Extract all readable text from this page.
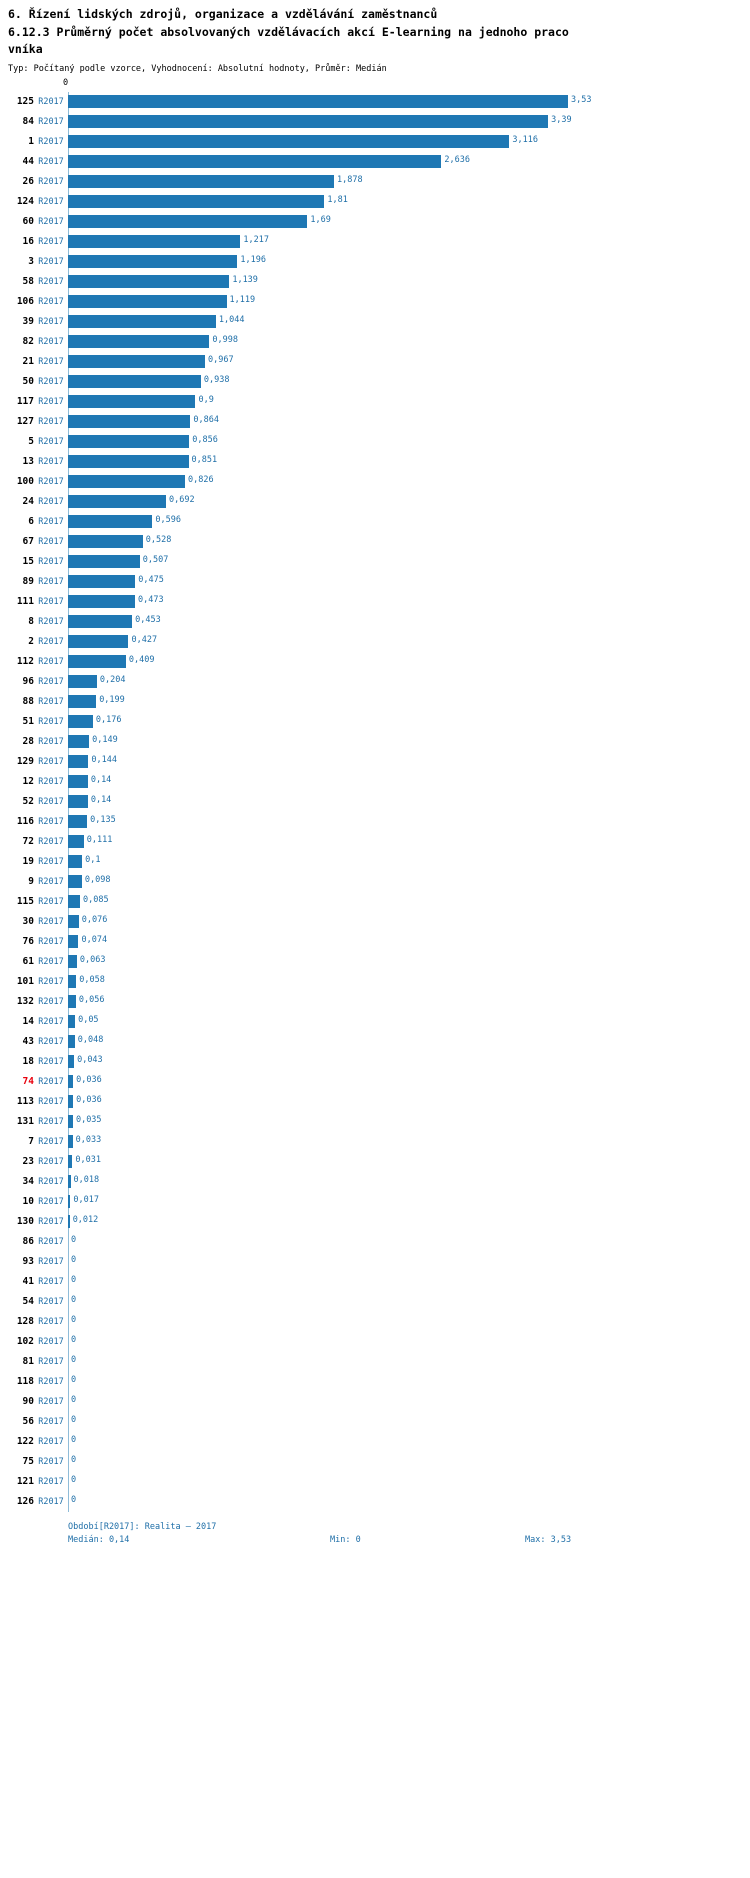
6. Řízení lidských zdrojů, organizace a vzdělávání zaměstnanců
6.12.3 Průměrný počet absolvovaných vzdělávacích akcí E-learning na jednoho praco
vníka
Typ: Počítaný podle vzorce, Vyhodnocení: Absolutní hodnoty, Průměr: Medián
0
125 R2017	3,53
84 R2017	3,39
1 R2017	3,116
44 R2017	2,636
26 R2017	1,878
124 R2017	1,81
60 R2017	1,69
16 R2017	1,217
3 R2017	1,196
58 R2017	1,139
106 R2017	1,119
39 R2017	1,044
82 R2017	0,998
21 R2017	0,967
50 R2017	0,938
117 R2017	0,9
127 R2017	0,864
5 R2017	0,856
13 R2017	0,851
100 R2017	0,826
24 R2017	0,692
6 R2017	0,596
67 R2017	0,528
15 R2017	0,507
89 R2017	0,475
111 R2017	0,473
8 R2017	0,453
2 R2017	0,427
112 R2017	0,409
96 R2017	0,204
88 R2017	0,199
51 R2017	0,176
28 R2017	0,149
129 R2017	0,144
12 R2017	0,14
52 R2017	0,14
116 R2017	0,135
72 R2017	0,111
19 R2017	0,1
9 R2017	0,098
115 R2017	0,085
30 R2017	0,076
76 R2017	0,074
61 R2017	0,063
101 R2017	0,058
132 R2017	0,056
14 R2017	0,05
43 R2017	0,048
18 R2017	0,043
74 R2017	0,036
113 R2017	0,036
131 R2017	0,035
7 R2017	0,033
23 R2017	0,031
34 R2017	0,018
10 R2017	0,017
130 R2017	0,012
86 R2017 0
93 R2017 0
41 R2017 0
54 R2017 0
128 R2017 0
102 R2017 0
81 R2017 0
118 R2017 0
90 R2017 0
56 R2017 0
122 R2017 0
75 R2017 0
121 R2017 0
126 R2017 0
Období[R2017]: Realita – 2017
Medián: 0,14	Min: 0	Max: 3,53
